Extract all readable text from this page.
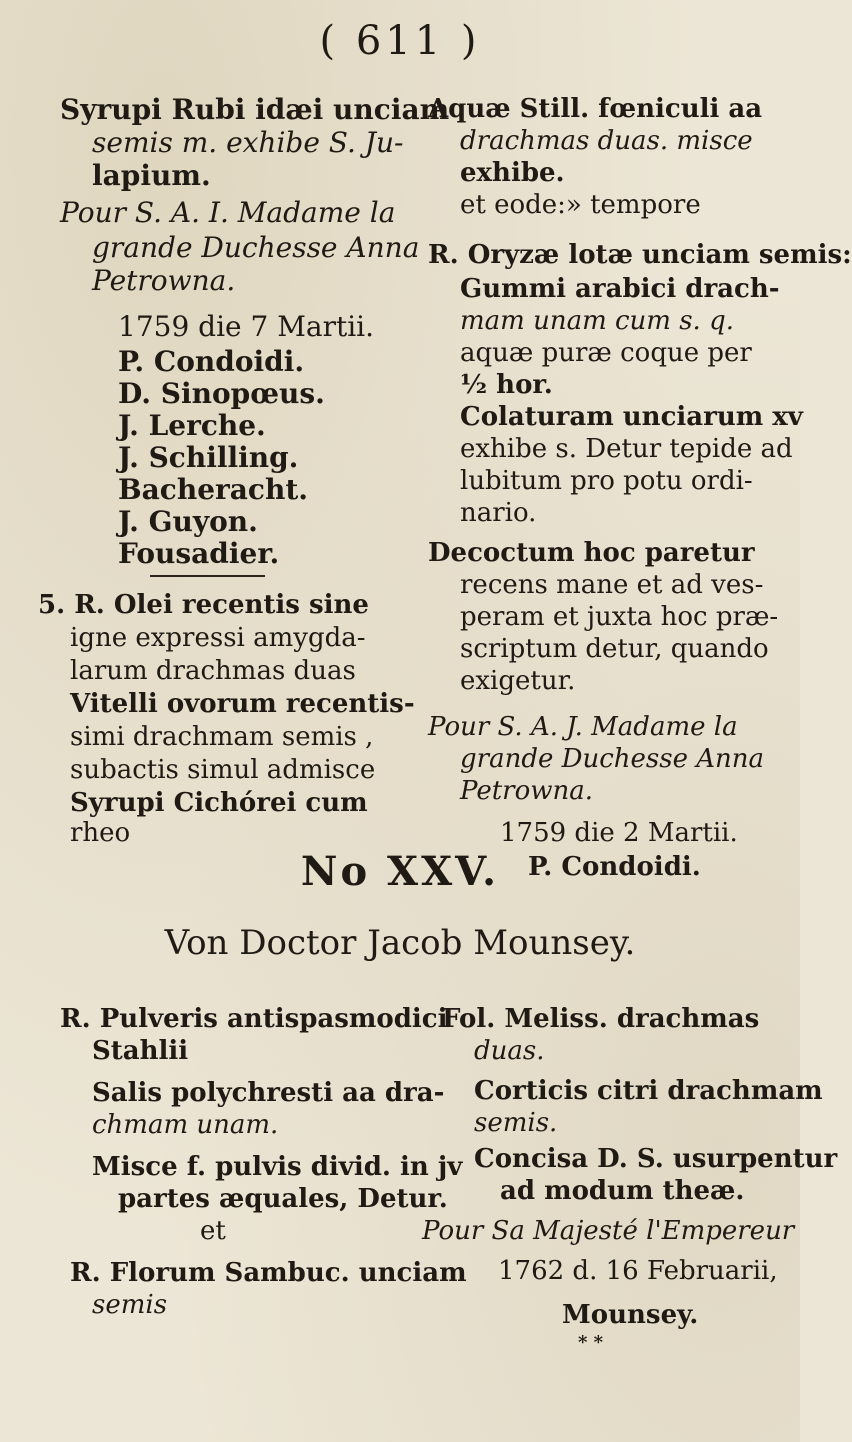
( 611 )
Syrupi Rubi idæi unciam
semis m. exhibe S. Ju-
lapium.
Pour S. A. I. Madame la
grande Duchesse Anna
Petrowna.
1759 die 7 Martii.
P. Condoidi.
D. Sinopœus.
J. Lerche.
J. Schilling.
Bacheracht.
J. Guyon.
Fousadier.
5. R. Olei recentis sine
igne expressi amygda-
larum drachmas duas
Vitelli ovorum recentis-
simi drachmam semis ,
subactis simul admisce
Syrupi Cichórei cum
rheo
Aquæ Still. fœniculi aa
drachmas duas. misce
exhibe.
et eode:» tempore
R. Oryzæ lotæ unciam semis:
Gummi arabici drach-
mam unam cum s. q.
aquæ puræ coque per
½ hor.
Colaturam unciarum xv
exhibe s. Detur tepide ad
lubitum pro potu ordi-
nario.
Decoctum hoc paretur
recens mane et ad ves-
peram et juxta hoc præ-
scriptum detur, quando
exigetur.
Pour S. A. J. Madame la
grande Duchesse Anna
Petrowna.
1759 die 2 Martii.
P. Condoidi.
No XXV.
Von Doctor Jacob Mounsey.
R. Pulveris antispasmodici
Stahlii
Salis polychresti aa dra-
chmam unam.
Misce f. pulvis divid. in jv
partes æquales, Detur.
et
R. Florum Sambuc. unciam
semis
Fol. Meliss. drachmas
duas.
Corticis citri drachmam
semis.
Concisa D. S. usurpentur
ad modum theæ.
Pour Sa Majesté l'Empereur
1762 d. 16 Februarii,
Mounsey.
* *
